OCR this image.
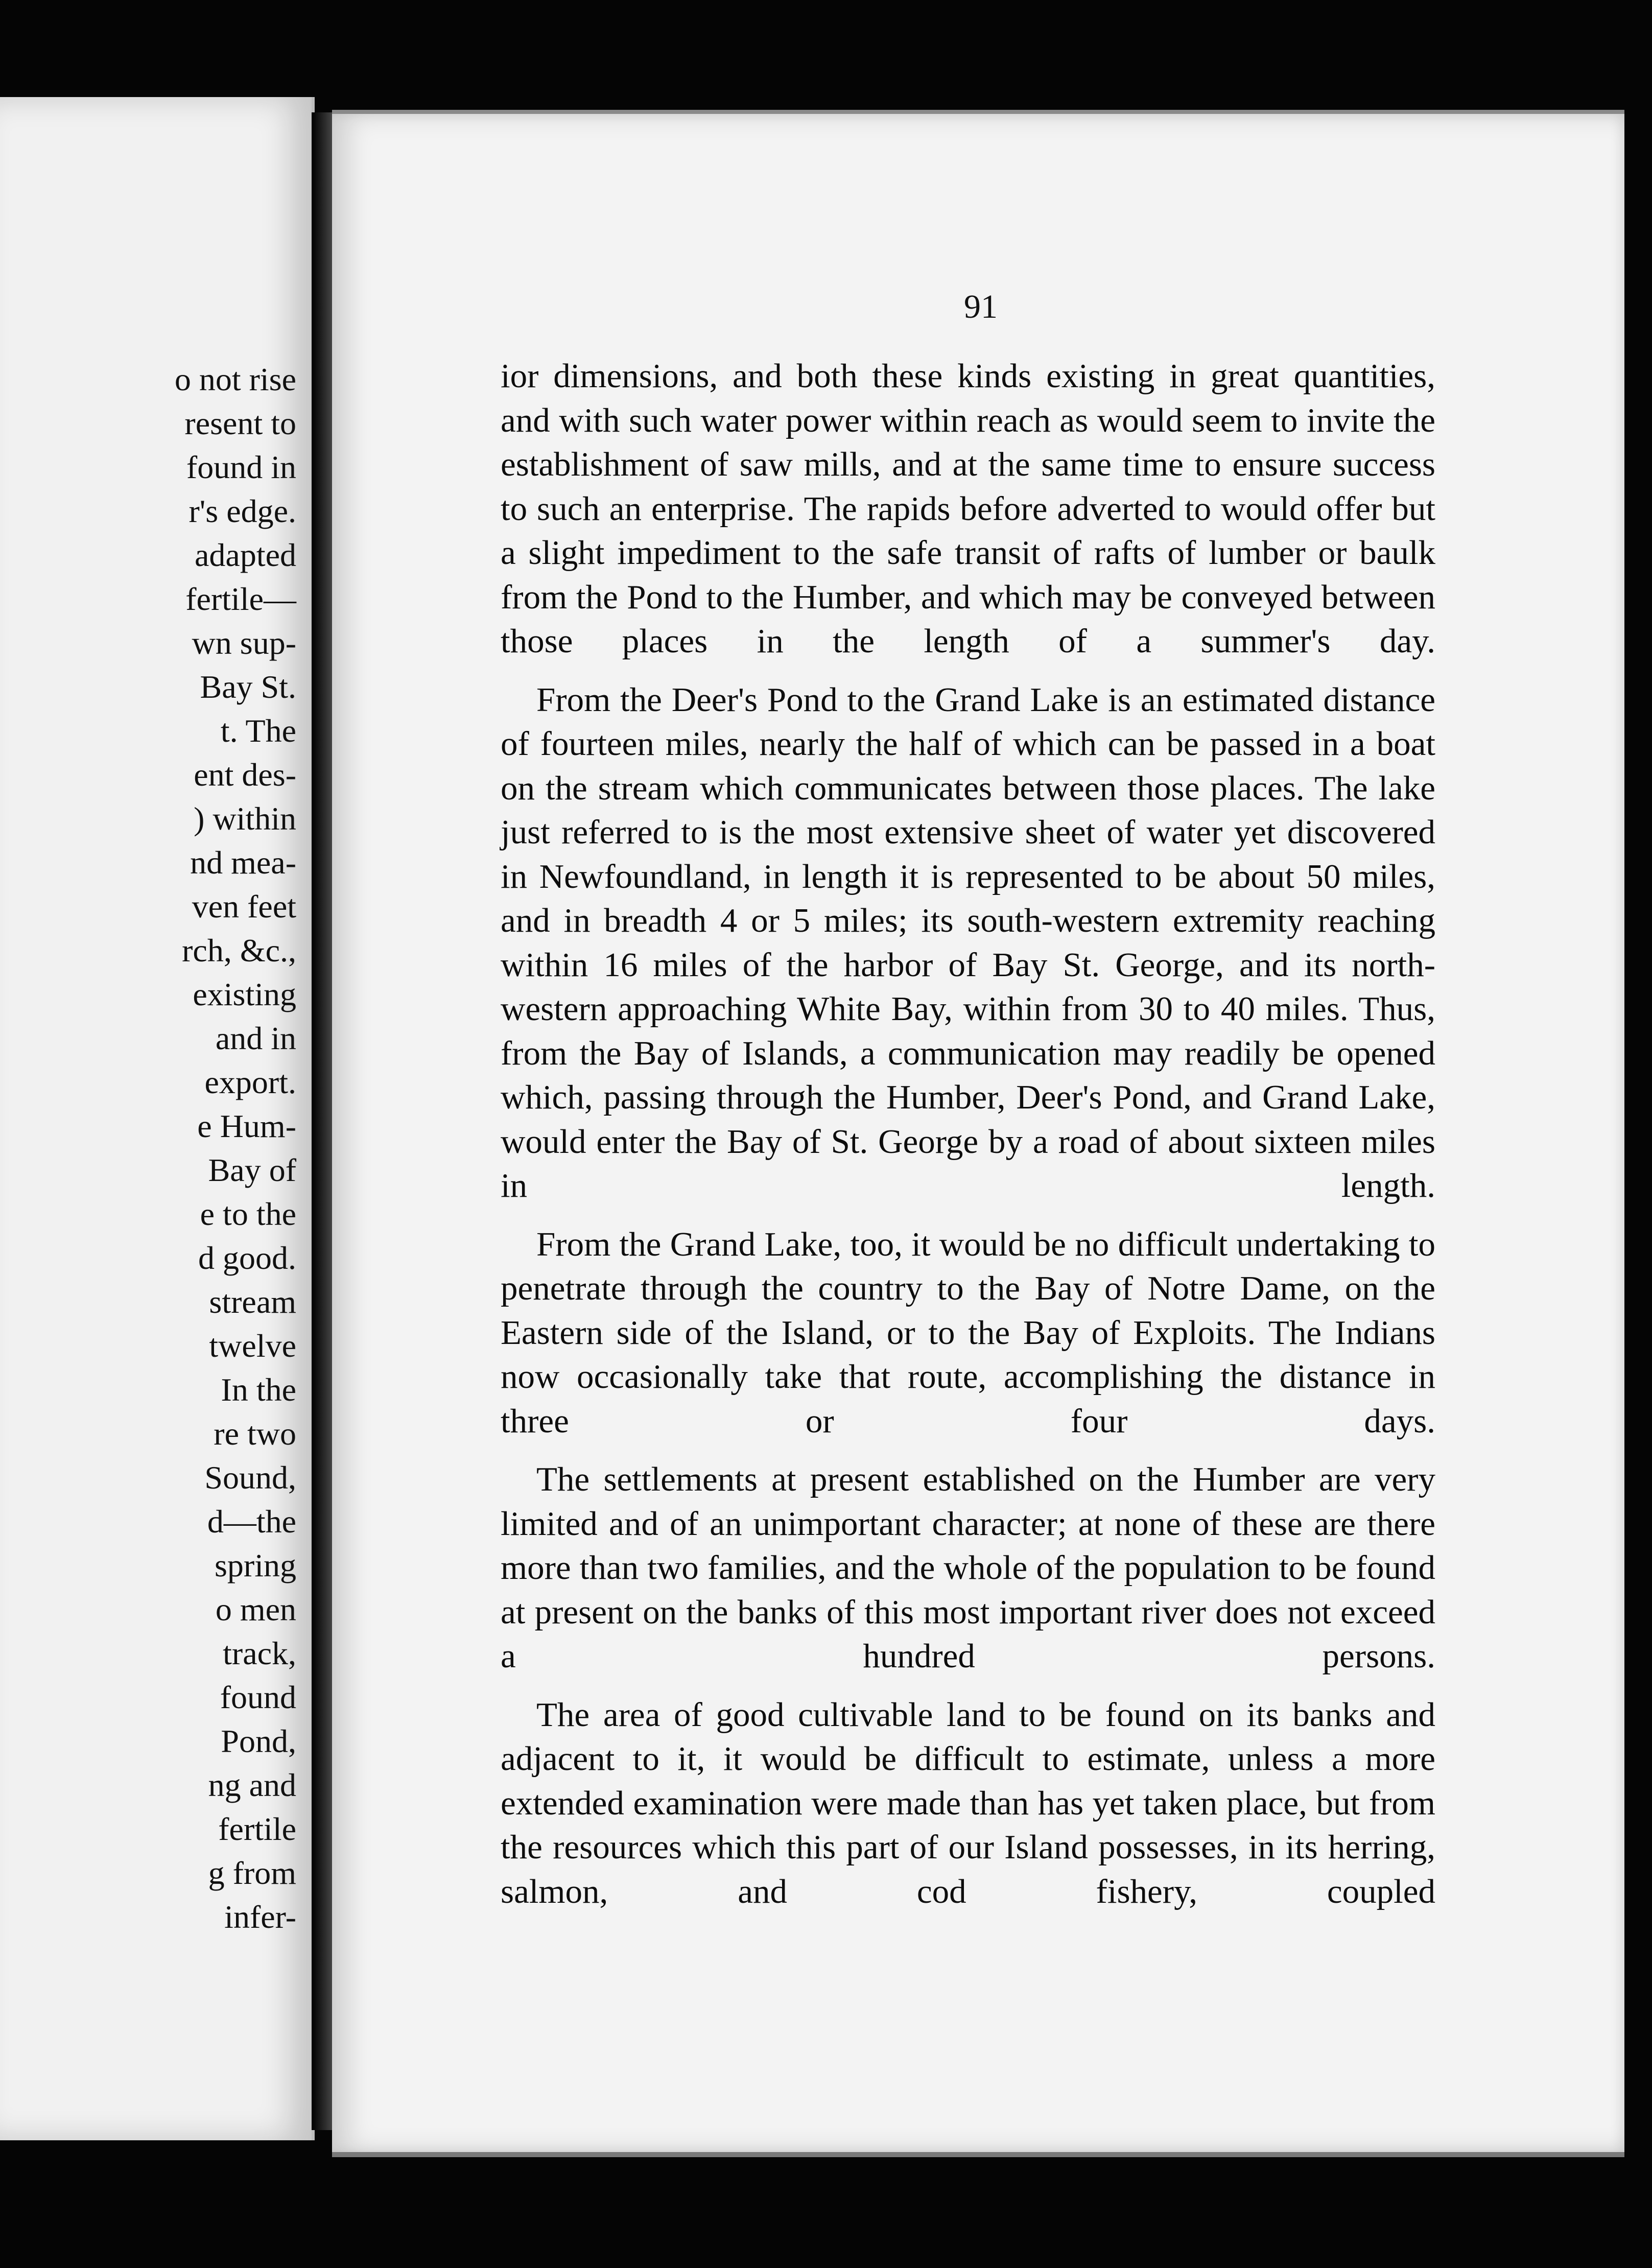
o not rise
resent to
found in
r's edge.
adapted
fertile—
wn sup-
Bay St.
t. The
ent des-
) within
nd mea-
ven feet
rch, &c.,
existing
and in
export.
e Hum-
Bay of
e to the
d good.
stream
twelve
In the
re two
Sound,
d—the
spring
o men
track,
found
Pond,
ng and
fertile
g from
infer-
91

ior dimensions, and both these kinds existing in great quantities, and with such water power within reach as would seem to invite the establishment of saw mills, and at the same time to ensure success to such an enterprise. The rapids before adverted to would offer but a slight impediment to the safe transit of rafts of lumber or baulk from the Pond to the Humber, and which may be conveyed between those places in the length of a summer's day.

From the Deer's Pond to the Grand Lake is an estimated distance of fourteen miles, nearly the half of which can be passed in a boat on the stream which communicates between those places. The lake just referred to is the most extensive sheet of water yet discovered in Newfoundland, in length it is represented to be about 50 miles, and in breadth 4 or 5 miles; its south-western extremity reaching within 16 miles of the harbor of Bay St. George, and its north-western approaching White Bay, within from 30 to 40 miles. Thus, from the Bay of Islands, a communication may readily be opened which, passing through the Humber, Deer's Pond, and Grand Lake, would enter the Bay of St. George by a road of about sixteen miles in length.

From the Grand Lake, too, it would be no difficult undertaking to penetrate through the country to the Bay of Notre Dame, on the Eastern side of the Island, or to the Bay of Exploits. The Indians now occasionally take that route, accomplishing the distance in three or four days.

The settlements at present established on the Humber are very limited and of an unimportant character; at none of these are there more than two families, and the whole of the population to be found at present on the banks of this most important river does not exceed a hundred persons.

The area of good cultivable land to be found on its banks and adjacent to it, it would be difficult to estimate, unless a more extended examination were made than has yet taken place, but from the resources which this part of our Island possesses, in its herring, salmon, and cod fishery, coupled
